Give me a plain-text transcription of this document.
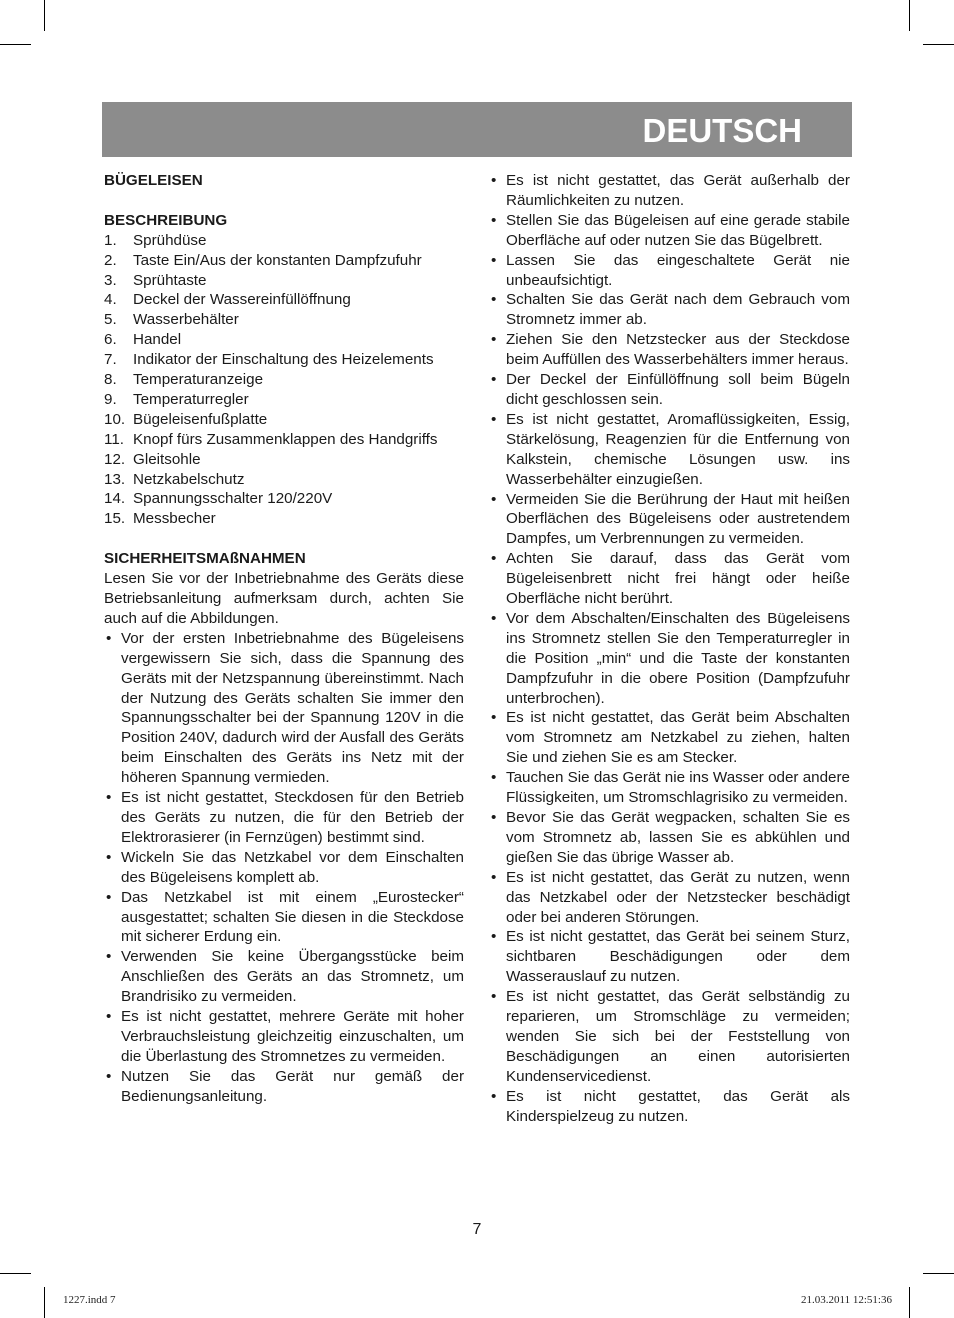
DEUTSCH

BÜGELEISEN

BESCHREIBUNG

1.	Sprühdüse
2.	Taste Ein/Aus der konstanten Dampfzufuhr
3.	Sprühtaste
4.	Deckel der Wassereinfüllöffnung
5.	Wasserbehälter
6.	Handel
7.	Indikator der Einschaltung des Heizelements
8.	Temperaturanzeige
9.	Temperaturregler
10. Bügeleisenfußplatte
11. Knopf fürs Zusammenklappen des Handgriffs
12. Gleitsohle
13. Netzkabelschutz
14. Spannungsschalter 120/220V
15. Messbecher

SICHERHEITSMAßNAHMEN

Lesen Sie vor der Inbetriebnahme des Geräts diese Betriebsanleitung aufmerksam durch, achten Sie auch auf die Abbildungen.

• Vor der ersten Inbetriebnahme des Bügeleisens vergewissern Sie sich, dass die Spannung des Geräts mit der Netzspannung übereinstimmt. Nach der Nutzung des Geräts schalten Sie immer den Spannungsschalter bei der Spannung 120V in die Position 240V, dadurch wird der Ausfall des Geräts beim Einschalten des Geräts ins Netz mit der höheren Spannung vermieden.
• Es ist nicht gestattet, Steckdosen für den Betrieb des Geräts zu nutzen, die für den Betrieb der Elektrorasierer (in Fernzügen) bestimmt sind.
• Wickeln Sie das Netzkabel vor dem Einschalten des Bügeleisens komplett ab.
• Das Netzkabel ist mit einem „Eurostecker“ ausgestattet; schalten Sie diesen in die Steckdose mit sicherer Erdung ein.
• Verwenden Sie keine Übergangsstücke beim Anschließen des Geräts an das Stromnetz, um Brandrisiko zu vermeiden.
• Es ist nicht gestattet, mehrere Geräte mit hoher Verbrauchsleistung gleichzeitig einzuschalten, um die Überlastung des Stromnetzes zu vermeiden.
• Nutzen Sie das Gerät nur gemäß der Bedienungsanleitung.
• Es ist nicht gestattet, das Gerät außerhalb der Räumlichkeiten zu nutzen.
• Stellen Sie das Bügeleisen auf eine gerade stabile Oberfläche auf oder nutzen Sie das Bügelbrett.
• Lassen Sie das eingeschaltete Gerät nie unbeaufsichtigt.
• Schalten Sie das Gerät nach dem Gebrauch vom Stromnetz immer ab.
• Ziehen Sie den Netzstecker aus der Steckdose beim Auffüllen des Wasserbehälters immer heraus.
• Der Deckel der Einfüllöffnung soll beim Bügeln dicht geschlossen sein.
• Es ist nicht gestattet, Aromaflüssigkeiten, Essig, Stärkelösung, Reagenzien für die Entfernung von Kalkstein, chemische Lösungen usw. ins Wasserbehälter einzugießen.
• Vermeiden Sie die Berührung der Haut mit heißen Oberflächen des Bügeleisens oder austretendem Dampfes, um Verbrennungen zu vermeiden.
• Achten Sie darauf, dass das Gerät vom Bügeleisenbrett nicht frei hängt oder heiße Oberfläche nicht berührt.
• Vor dem Abschalten/Einschalten des Bügeleisens ins Stromnetz stellen Sie den Temperaturregler in die Position „min“ und die Taste der konstanten Dampfzufuhr in die obere Position (Dampfzufuhr unterbrochen).
• Es ist nicht gestattet, das Gerät beim Abschalten vom Stromnetz am Netzkabel zu ziehen, halten Sie und ziehen Sie es am Stecker.
• Tauchen Sie das Gerät nie ins Wasser oder andere Flüssigkeiten, um Stromschlagrisiko zu vermeiden.
• Bevor Sie das Gerät wegpacken, schalten Sie es vom Stromnetz ab, lassen Sie es abkühlen und gießen Sie das übrige Wasser ab.
• Es ist nicht gestattet, das Gerät zu nutzen, wenn das Netzkabel oder der Netzstecker beschädigt oder bei anderen Störungen.
• Es ist nicht gestattet, das Gerät bei seinem Sturz, sichtbaren Beschädigungen oder dem Wasserauslauf zu nutzen.
• Es ist nicht gestattet, das Gerät selbständig zu reparieren, um Stromschläge zu vermeiden; wenden Sie sich bei der Feststellung von Beschädigungen an einen autorisierten Kundenservicedienst.
• Es ist nicht gestattet, das Gerät als Kinderspielzeug zu nutzen.
7
1227.indd 7	21.03.2011 12:51:36
